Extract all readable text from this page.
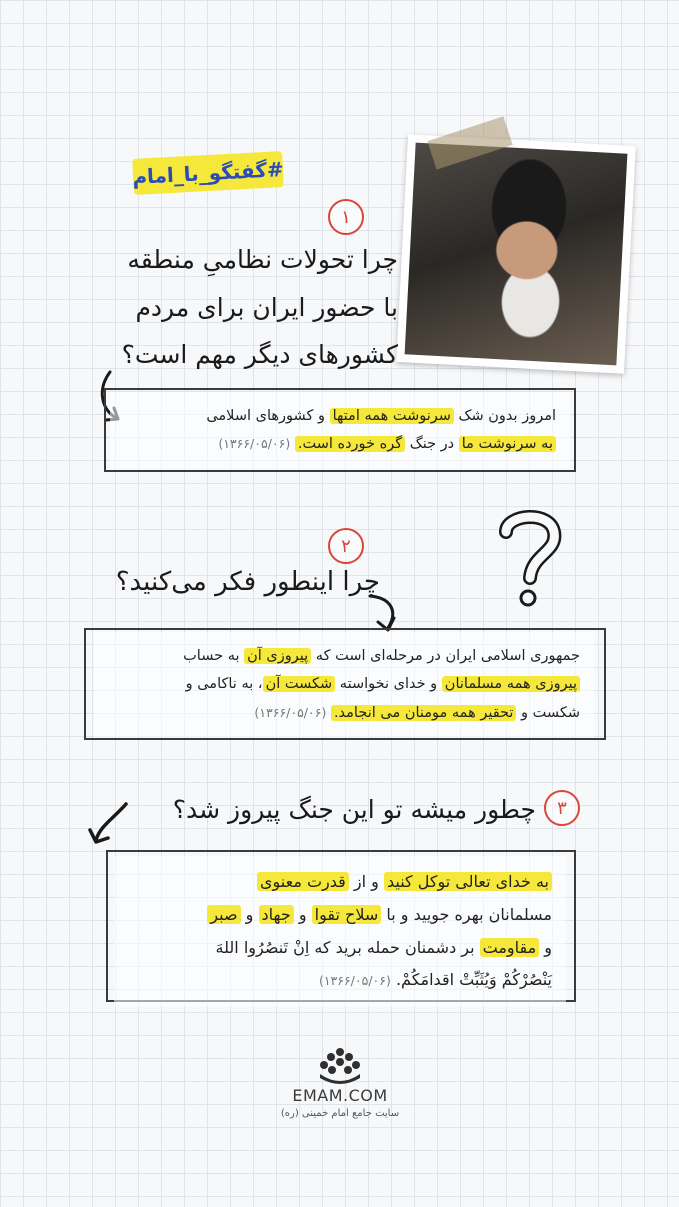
#گفتگو_با_امام
۱
چرا تحولات نظامیِ منطقه
با حضور ایران برای مردم
کشورهای دیگر مهم است؟
امروز بدون شک سرنوشت همه امتها و کشورهای اسلامی
به سرنوشت ما در جنگ گره خورده است. (۱۳۶۶/۰۵/۰۶)
۲
چرا اینطور فکر می‌کنید؟
جمهوری اسلامی ایران در مرحله‌ای است که پیروزی آن به حساب
پیروزی همه مسلمانان و خدای نخواسته شکست آن، به ناکامی و
شکست و تحقیر همه مومنان می انجامد. (۱۳۶۶/۰۵/۰۶)
۳
چطور میشه تو این جنگ پیروز شد؟
به خدای تعالی توکل کنید و از قدرت معنوی
مسلمانان بهره جویید و با سلاح تقوا و جهاد و صبر
و مقاومت بر دشمنان حمله برید که اِنْ تَنصُرُوا اللهَ
یَنْصُرْکُمْ وَیُثَبِّتْ اقدامَکُمْ. (۱۳۶۶/۰۵/۰۶)
EMAM.COM
سایت جامع امام خمینی (ره)
